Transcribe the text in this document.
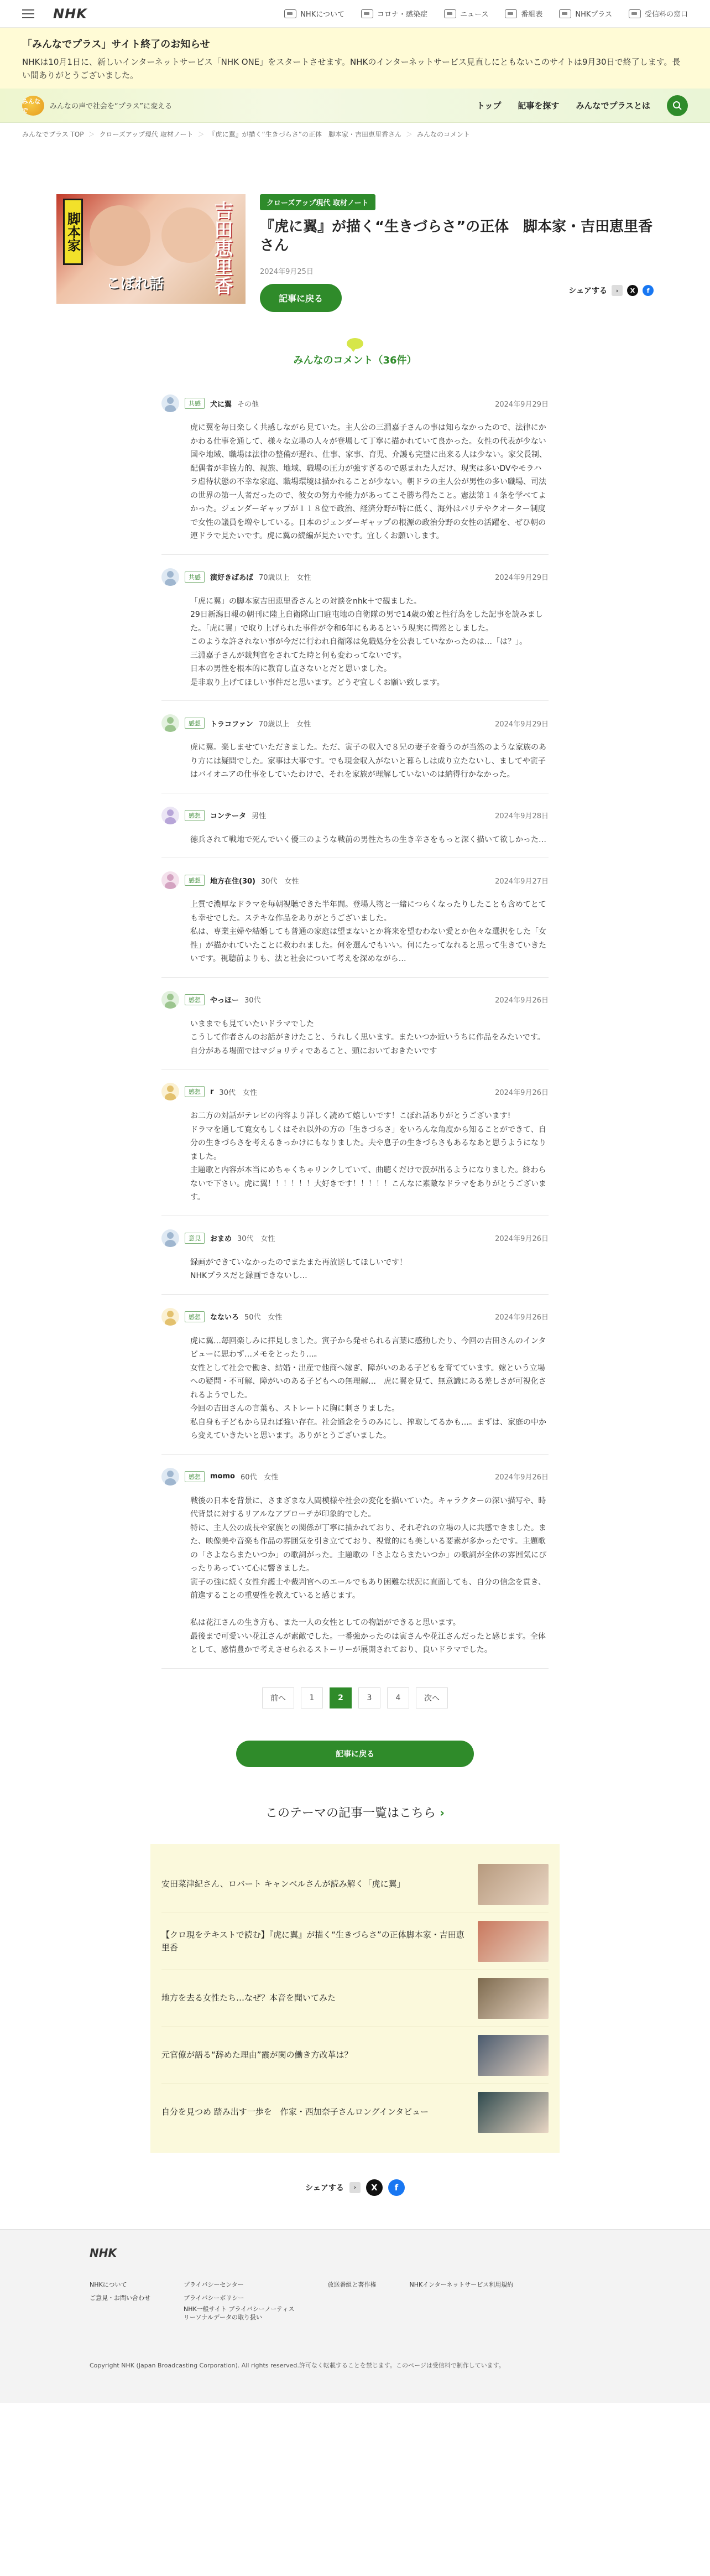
NHK	NHKについて	コロナ・感染症	ニュース	番組表	NHKプラス	受信料の窓口
「みんなでプラス」サイト終了のお知らせ

NHKは10月1日に、新しいインターネットサービス「NHK ONE」をスタートさせます。NHKのインターネットサービス見直しにともないこのサイトは9月30日で終了します。長い間ありがとうございました。

みんなで	みんなの声で社会を“プラス”に変える	トップ 記事を探す みんなでプラスとは
みんなでプラス TOP ＞ クローズアップ現代 取材ノート ＞ 『虎に翼』が描く“生きづらさ”の正体　脚本家・吉田恵里香さん ＞ みんなのコメント
脚本家	吉田恵里香
こぼれ話
クローズアップ現代 取材ノート
『虎に翼』が描く“生きづらさ”の正体　脚本家・吉田恵里香さん
2024年9月25日
記事に戻る
シェアする	›	X	f
みんなのコメント（36件）
共感	犬に翼 その他	2024年9月29日
虎に翼を毎日楽しく共感しながら見ていた。主人公の三淵嘉子さんの事は知らなかったので、法律にかかわる仕事を通して、様々な立場の人々が登場して丁寧に描かれていて良かった。女性の代表が少ない国や地域、職場は法律の整備が遅れ、仕事、家事、育児、介護も完璧に出来る人は少ない。家父長制、配偶者が非協力的、親族、地域、職場の圧力が強すぎるので悪まれた人だけ、現実は多いDVやモラハラ虐待状態の不幸な家庭、職場環境は描かれることが少ない。朝ドラの主人公が男性の多い職場、司法の世界の第一人者だったので、彼女の努力や能力があってこそ勝ち得たこと。憲法第１４条を学べてよかった。ジェンダーギャップが１１８位で政治、経済分野が特に低く、海外はパリテやクオーター制度で女性の議員を増やしている。日本のジェンダーギャップの根源の政治分野の女性の活躍を、ぜひ朝の連ドラで見たいです。虎に翼の続編が見たいです。宜しくお願いします。
共感	演好きばあば 70歳以上　女性	2024年9月29日
「虎に翼」の脚本家吉田恵里香さんとの対談をnhk＋で観ました。
29日新潟日報の朝刊に陸上自衛隊山口駐屯地の自衛隊の男で14歳の娘と性行為をした記事を読みました。「虎に翼」で取り上げられた事件が令和6年にもあるという現実に愕然としました。
このような許されない事が今だに行われ自衛隊は免職処分を公表していなかったのは…「は？」。
三淵嘉子さんが裁判官をされてた時と何も変わってないです。
日本の男性を根本的に教育し直さないとだと思いました。
是非取り上げてほしい事件だと思います。どうぞ宜しくお願い致します。
感想	トラコファン 70歳以上　女性	2024年9月29日
虎に翼。楽しませていただきました。ただ、寅子の収入で８兄の妻子を養うのが当然のような家族のあり方には疑問でした。家事は大事です。でも現金収入がないと暮らしは成り立たないし、ましてや寅子はバイオニアの仕事をしていたわけで、それを家族が理解していないのは納得行かなかった。
感想	コンテータ 男性	2024年9月28日
徳兵されて戦地で死んでいく優三のような戦前の男性たちの生き辛さをもっと深く描いて欲しかった…
感想	地方在住(30) 30代　女性	2024年9月27日
上質で濃厚なドラマを毎朝視聴できた半年間。登場人物と一緒につらくなったりしたことも含めてとても幸せでした。ステキな作品をありがとうございました。
私は、専業主婦や結婚しても普通の家庭は望まないとか将来を望むわない愛とか色々な選択をした「女性」が描かれていたことに救われました。何を選んでもいい。何にたってなれると思って生きていきたいです。視聴前よりも、法と社会について考えを深めながら…
感想	やっほー 30代	2024年9月26日
いままでも見ていたいドラマでした
こうして作者さんのお話がきけたこと、うれしく思います。またいつか近いうちに作品をみたいです。自分がある場面ではマジョリティであること、頭においておきたいです
感想	r 30代　女性	2024年9月26日
お二方の対話がテレビの内容より詳しく読めて嬉しいです！こぼれ話ありがとうございます!
ドラマを通して寛女もしくはそれ以外の方の「生きづらさ」をいろんな角度から知ることができて、自分の生きづらさを考えるきっかけにもなりました。夫や息子の生きづらさもあるなあと思うようになりました。
主題歌と内容が本当にめちゃくちゃリンクしていて、曲聴くだけで涙が出るようになりました。終わらないで下さい。虎に翼！！！！！！大好きです！！！！！こんなに素敵なドラマをありがとうございます。
意見	おまめ 30代　女性	2024年9月26日
録画ができていなかったのでまたまた再放送してほしいです！
NHKプラスだと録画できないし…
感想	なないろ 50代　女性	2024年9月26日
虎に翼…毎回楽しみに拝見しました。寅子から発せられる言葉に感動したり、今回の吉田さんのインタビューに思わず…メモをとったり…。
女性として社会で働き、結婚・出産で他商へ嫁ぎ、障がいのある子どもを育てています。嫁という立場への疑問・不可解、障がいのある子どもへの無理解…　虎に翼を見て、無意識にある差しさが可視化されるようでした。
今回の吉田さんの言葉も、ストレートに胸に刺さりました。
私自身も子どもから見れば強い存在。社会通念をうのみにし、搾取してるかも…。まずは、家庭の中から変えていきたいと思います。ありがとうございました。
感想	momo 60代　女性	2024年9月26日
戦後の日本を背景に、さまざまな人間模様や社会の変化を描いていた。キャラクターの深い描写や、時代背景に対するリアルなアプローチが印象的でした。
特に、主人公の成長や家族との関係が丁寧に描かれており、それぞれの立場の人に共感できました。また、映像美や音楽も作品の雰囲気を引き立てており、視覚的にも美しいる要素が多かったです。主題歌の「さよならまたいつか」の歌詞がった。主題歌の「さよならまたいつか」の歌詞が全体の雰囲気にぴったりあっていて心に響きました。
寅子の強に続く女性弁護士や裁判官へのエールでもあり困難な状況に直面しても、自分の信念を貫き、前進することの重要性を教えていると感じます。

私は花江さんの生き方も、また一人の女性としての物語ができると思います。
最後まで可愛いい花江さんが素敵でした。一番強かったのは寅さんや花江さんだったと感じます。全体として、感情豊かで考えさせられるストーリーが展開されており、良いドラマでした。
前へ	1	2	3	4	次へ
記事に戻る
このテーマの記事一覧はこちら ›
安田菜津紀さん、ロバート キャンベルさんが読み解く「虎に翼」
【クロ現をテキストで読む】『虎に翼』が描く“生きづらさ”の正体脚本家・吉田恵里香
地方を去る女性たち…なぜ？本音を聞いてみた
元官僚が語る“辞めた理由”霞が関の働き方改革は？
自分を見つめ 踏み出す一歩を　作家・西加奈子さんロングインタビュー
シェアする	›	X	f
NHK
NHKについて
ご意見・お問い合わせ
プライバシーセンター
プライバシーポリシー
NHK一般サイト プライバシーノーティス
リーソナルデータの取り扱い
放送番組と著作権	NHKインターネットサービス利用規約
Copyright NHK (Japan Broadcasting Corporation). All rights reserved.許可なく転載することを禁じます。このページは受信料で制作しています。
